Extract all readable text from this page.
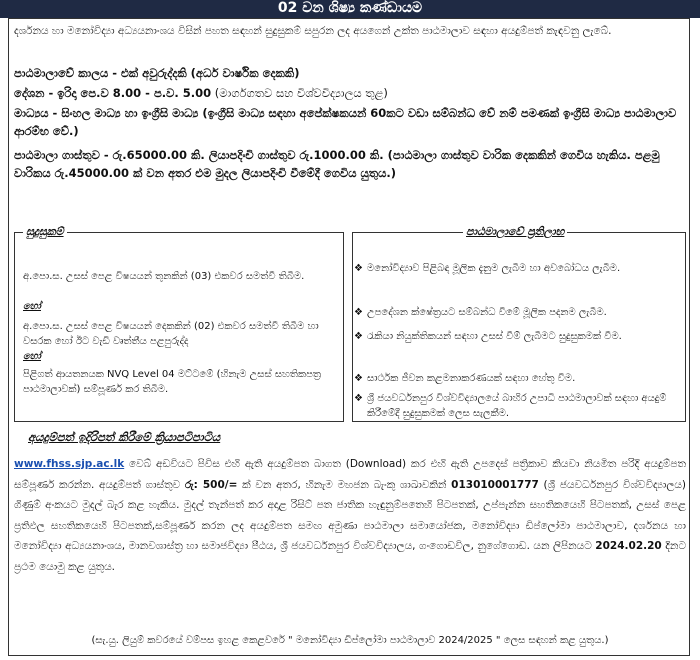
02 වන ශිෂ්‍ය කණ්ඩායම
දර්ශනය හා මනෝවිද්‍යා අධ්‍යයනාංශය විසින් පහත සඳහන් සුදුසුකම් සපුරන ලද අයගෙන් උක්ත පාඨමාලාව සඳහා අයදුම්පත් කැඳවනු ලැබේ.
පාඨමාලාවේ කාලය - එක් අවුරුද්දකි (අර්ධ වාර්ෂික දෙකකි)
දේශන - ඉරිදා පෙ.ව 8.00 - ප.ව. 5.00 (මාර්ගගතව සහ විශ්වවිද්‍යාලය තුළ)
මාධ්‍යය - සිංහල මාධ්‍ය හා ඉංග්‍රීසි මාධ්‍ය (ඉංග්‍රීසි මාධ්‍ය සඳහා අපේක්ෂකයන් 60කට වඩා සම්බන්ධ වේ නම් පමණක් ඉංග්‍රීසි මාධ්‍ය පාඨමාලාව ආරම්භ වේ.)
පාඨමාලා ගාස්තුව - රු.65000.00 කි. ලියාපදිංචි ගාස්තුව රු.1000.00 කි. (පාඨමාලා ගාස්තුව වාරික දෙකකින් ගෙවිය හැකිය. පළමු වාරිකය රු.45000.00 ක් වන අතර එම මුදල ලියාපදිංචි වීමේදී ගෙවිය යුතුය.)
සුදුසුකම්
අ.පො.ස. උසස් පෙළ විෂයයන් තුනකින් (03) එකවර සමත්වී තිබීම.
හෝ
අ.පො.ස. උසස් පෙළ විෂයයන් දෙකකින් (02) එකවර සමත්වී තිබීම හා වසරක හෝ ඊට වැඩි වෘත්තීය පළපුරුද්ද
හෝ
පිළිගත් ආයතනයක NVQ Level 04 මට්ටමේ (හිනැම උසස් සහතිකපත්‍ර පාඨමාලාවක්) සම්පූර්ණ කර තිබීම.
පාඨමාලාවේ ප්‍රතිලාභ
❖ මනෝවිද්‍යාව පිළිබඳ මූලික දැනුම ලැබීම හා අවබෝධය ලැබීම.
❖ උපදේශන ක්ෂේත්‍රයට සම්බන්ධ වීමේ මූලික පදනම ලැබීම.
❖ රැකියා නියුක්තිකයන් සඳහා උසස් වීම් ලැබීමට සුදුසුකමක් වීම.
❖ සාර්ථක ජීවන කළමනාකරණයක් සඳහා හේතු වීම.
❖ ශ්‍රී ජයවර්ධනපුර විශ්වවිද්‍යාලයේ බාහිර උපාධි පාඨමාලාවක් සඳහා අයදුම් කිරීමේදී සුදුසුකමක් ලෙස සැලකීම.
අයදුම්පත් ඉදිරිපත් කිරීමේ ක්‍රියාපටිපාටිය
www.fhss.sjp.ac.lk වෙබ් අඩවියට පිවිස එහි ඇති අයදුම්පත බාගත (Download) කර එහි ඇති උපදෙස් පත්‍රිකාව කියවා නියමිත පරිදි අයදුම්පත සම්පූර්ණ කරන්න. අයදුම්පත් ගාස්තුව රු: 500/= ක් වන අතර, හිනැම මහජන බැංකු ශාඛාවකින් 013010001777 (ශ්‍රී ජයවර්ධනපුර විශ්වවිද්‍යාලය) ගිණුම් අංකයට මුදල් බැර කළ හැකිය. මුදල් තැන්පත් කර අදාළ රිසිට් පත ජාතික හැඳුනුම්පතෙහි පිටපතක්, උප්පැන්න සහතිකයෙහි පිටපතක්, උසස් පෙළ ප්‍රතිඵල සහතිකයෙහි පිටපතක්,සම්පූර්ණ කරන ලද අයදුම්පත සමඟ අමුණා පාඨමාලා සමායෝජක, මනෝවිද්‍යා ඩිප්ලෝමා පාඨමාලාව, දර්ශනය හා මනෝවිද්‍යා අධ්‍යයනාංශය, මානවශාස්ත්‍ර හා සමාජවිද්‍යා පීඨය, ශ්‍රී ජයවර්ධනපුර විශ්වවිද්‍යාලය, ගංගොඩවිල, නුගේගොඩ. යන ලිපිනයට 2024.02.20 දිනට ප්‍රථම යොමු කළ යුතුය.
(සැ.යු. ලියුම් කවරයේ වම්පස ඉහළ කෙළවරේ " මනෝවිද්‍යා ඩිප්ලෝමා පාඨමාලාව 2024/2025 " ලෙස සඳහන් කළ යුතුය.)
